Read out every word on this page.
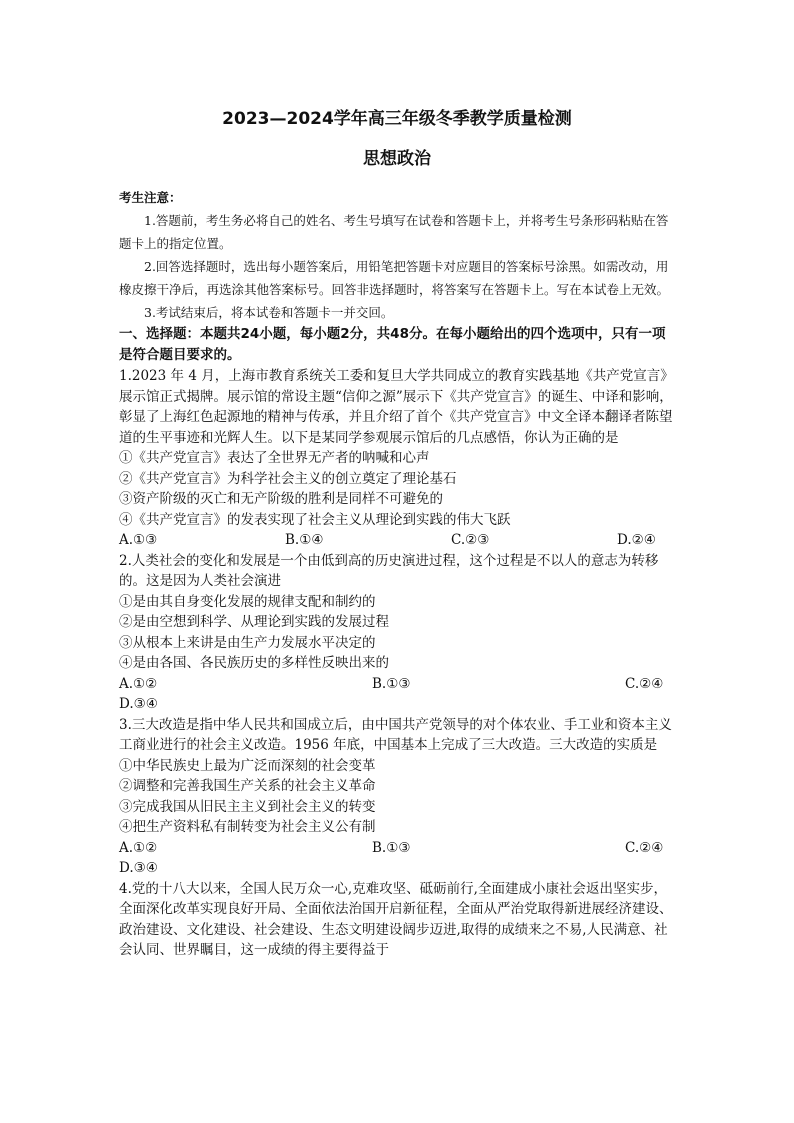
2023—2024学年高三年级冬季教学质量检测
思想政治

考生注意：

1.答题前，考生务必将自己的姓名、考生号填写在试卷和答题卡上，并将考生号条形码粘贴在答题卡上的指定位置。

2.回答选择题时，选出每小题答案后，用铅笔把答题卡对应题目的答案标号涂黑。如需改动，用橡皮擦干净后，再选涂其他答案标号。回答非选择题时，将答案写在答题卡上。写在本试卷上无效。

3.考试结束后，将本试卷和答题卡一并交回。

一、选择题：本题共24小题，每小题2分，共48分。在每小题给出的四个选项中，只有一项是符合题目要求的。

1.2023 年 4 月，上海市教育系统关工委和复旦大学共同成立的教育实践基地《共产党宣言》展示馆正式揭牌。展示馆的常设主题“信仰之源”展示下《共产党宣言》的诞生、中译和影响，彰显了上海红色起源地的精神与传承，并且介绍了首个《共产党宣言》中文全译本翻译者陈望道的生平事迹和光辉人生。以下是某同学参观展示馆后的几点感悟，你认为正确的是

①《共产党宣言》表达了全世界无产者的呐喊和心声

②《共产党宣言》为科学社会主义的创立奠定了理论基石

③资产阶级的灭亡和无产阶级的胜利是同样不可避免的

④《共产党宣言》的发表实现了社会主义从理论到实践的伟大飞跃

A.①③	B.①④	C.②③	D.②④

2.人类社会的变化和发展是一个由低到高的历史演进过程，这个过程是不以人的意志为转移的。这是因为人类社会演进

①是由其自身变化发展的规律支配和制约的

②是由空想到科学、从理论到实践的发展过程

③从根本上来讲是由生产力发展水平决定的

④是由各国、各民族历史的多样性反映出来的

A.①②	B.①③	C.②④

D.③④

3.三大改造是指中华人民共和国成立后，由中国共产党领导的对个体农业、手工业和资本主义工商业进行的社会主义改造。1956 年底，中国基本上完成了三大改造。三大改造的实质是

①中华民族史上最为广泛而深刻的社会变革

②调整和完善我国生产关系的社会主义革命

③完成我国从旧民主主义到社会主义的转变

④把生产资料私有制转变为社会主义公有制

A.①②	B.①③	C.②④

D.③④

4.党的十八大以来，全国人民万众一心,克难攻坚、砥砺前行,全面建成小康社会返出坚实步，全面深化改革实现良好开局、全面依法治国开启新征程，全面从严治党取得新进展经济建设、政治建设、文化建设、社会建设、生态文明建设阔步迈进,取得的成绩来之不易,人民满意、社会认同、世界瞩目，这一成绩的得主要得益于
